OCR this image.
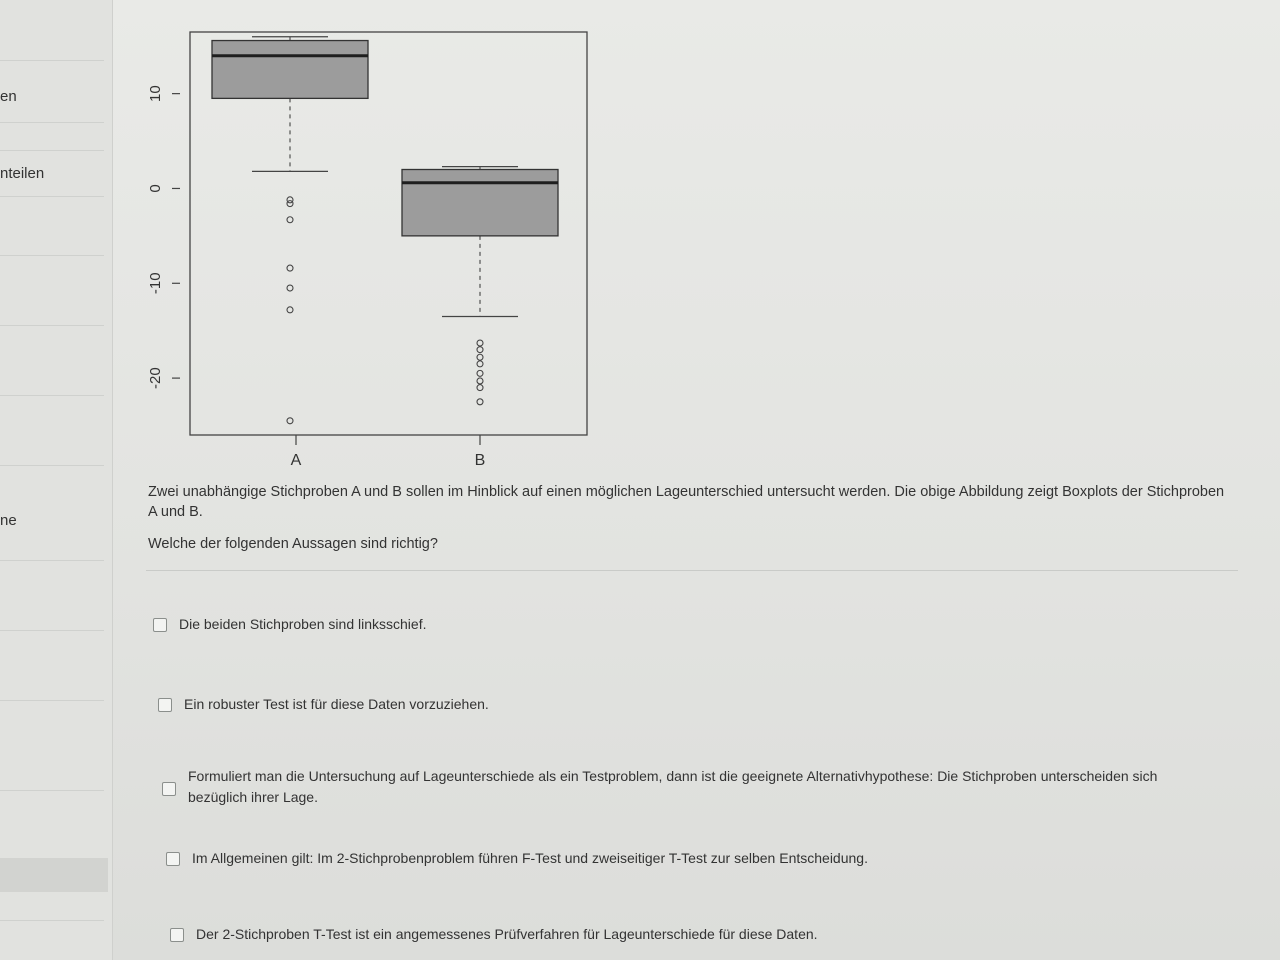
en
nteilen
ne
10
0
-10
-20
A	B
Zwei unabhängige Stichproben A und B sollen im Hinblick auf einen möglichen Lageunterschied untersucht werden. Die obige Abbildung zeigt Boxplots der Stichproben A und B.
Welche der folgenden Aussagen sind richtig?
Die beiden Stichproben sind linksschief.
Ein robuster Test ist für diese Daten vorzuziehen.
Formuliert man die Untersuchung auf Lageunterschiede als ein Testproblem, dann ist die geeignete Alternativhypothese: Die Stichproben unterscheiden sich bezüglich ihrer Lage.
Im Allgemeinen gilt: Im 2-Stichprobenproblem führen F-Test und zweiseitiger T-Test zur selben Entscheidung.
Der 2-Stichproben T-Test ist ein angemessenes Prüfverfahren für Lageunterschiede für diese Daten.
